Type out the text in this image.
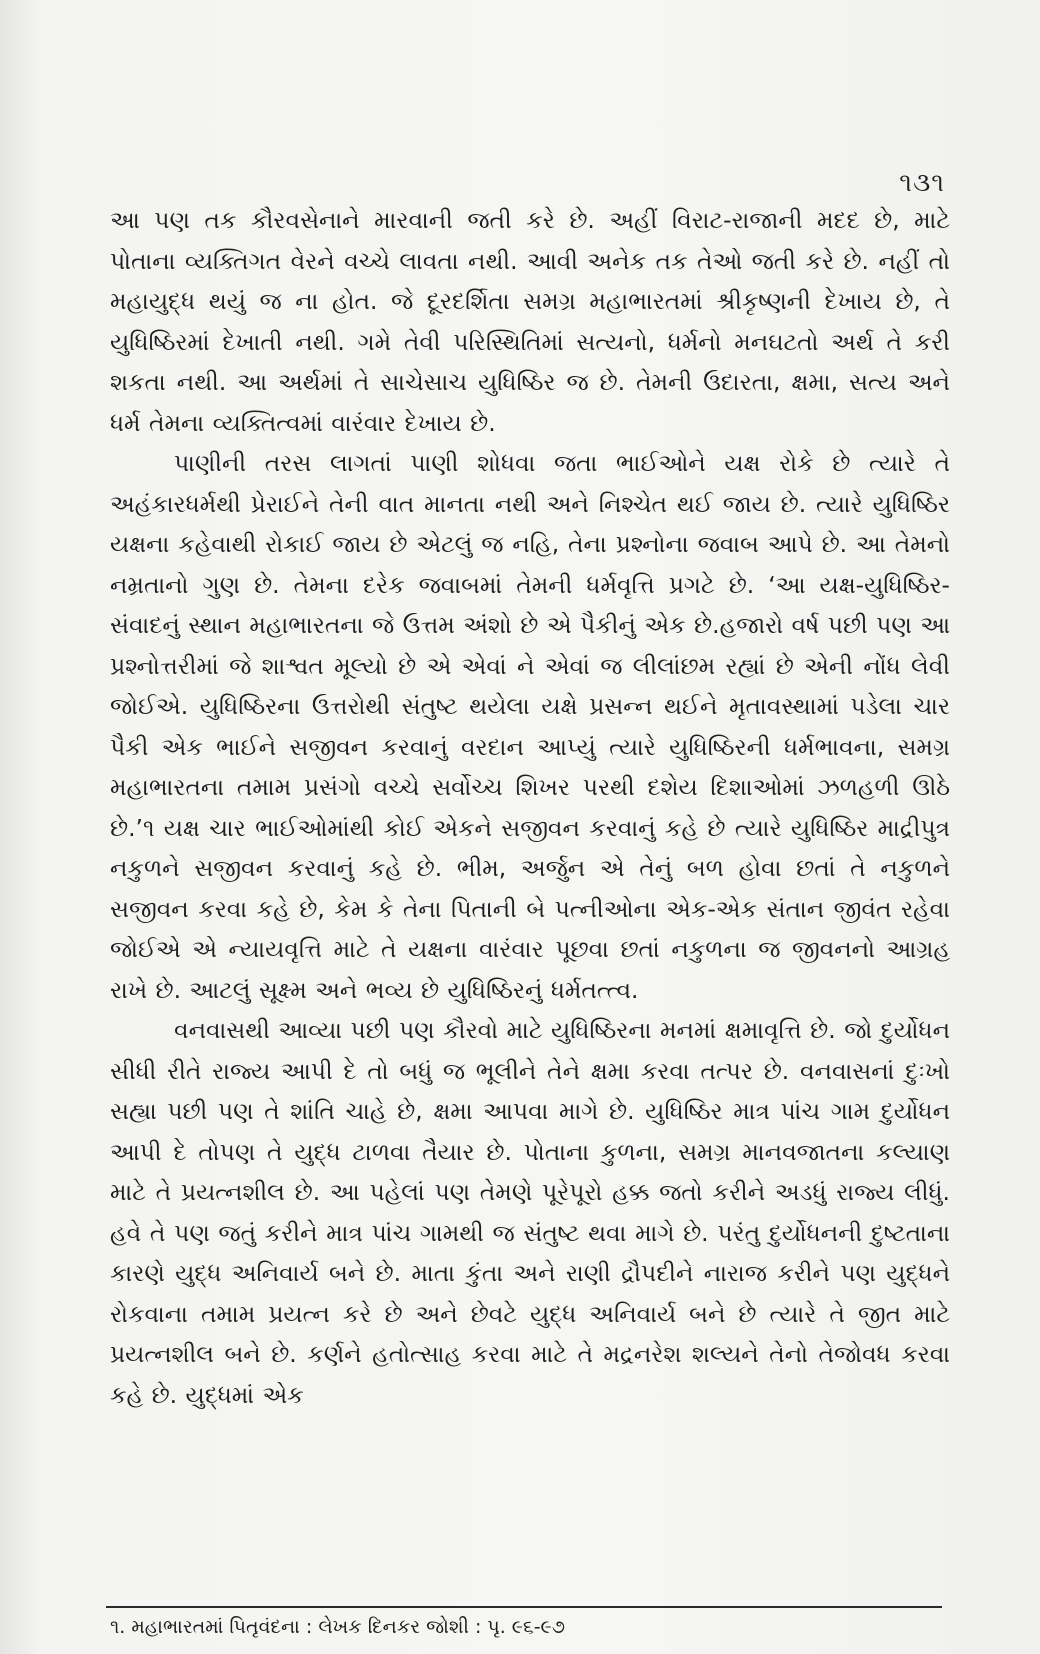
૧૩૧

આ પણ તક કૌરવસેનાને મારવાની જતી કરે છે. અહીં વિરાટ-રાજાની મદદ છે, માટે પોતાના વ્યક્તિગત વેરને વચ્ચે લાવતા નથી. આવી અનેક તક તેઓ જતી કરે છે. નહીં તો મહાયુદ્ધ થયું જ ના હોત. જે દૂરદર્શિતા સમગ્ર મહાભારતમાં શ્રીકૃષ્ણની દેખાય છે, તે યુધિષ્ઠિરમાં દેખાતી નથી. ગમે તેવી પરિસ્થિતિમાં સત્યનો, ધર્મનો મનઘટતો અર્થ તે કરી શકતા નથી. આ અર્થમાં તે સાચેસાચ યુધિષ્ઠિર જ છે. તેમની ઉદારતા, ક્ષમા, સત્ય અને ધર્મ તેમના વ્યક્તિત્વમાં વારંવાર દેખાય છે.

પાણીની તરસ લાગતાં પાણી શોધવા જતા ભાઈઓને યક્ષ રોકે છે ત્યારે તે અહંકારધર્મથી પ્રેરાઈને તેની વાત માનતા નથી અને નિશ્ચેત થઈ જાય છે. ત્યારે યુધિષ્ઠિર યક્ષના કહેવાથી રોકાઈ જાય છે એટલું જ નહિ, તેના પ્રશ્નોના જવાબ આપે છે. આ તેમનો નમ્રતાનો ગુણ છે. તેમના દરેક જવાબમાં તેમની ધર્મવૃત્તિ પ્રગટે છે. ‘આ યક્ષ-યુધિષ્ઠિર-સંવાદનું સ્થાન મહાભારતના જે ઉત્તમ અંશો છે એ પૈકીનું એક છે.હજારો વર્ષ પછી પણ આ પ્રશ્નોત્તરીમાં જે શાશ્વત મૂલ્યો છે એ એવાં ને એવાં જ લીલાંછમ રહ્યાં છે એની નોંધ લેવી જોઈએ. યુધિષ્ઠિરના ઉત્તરોથી સંતુષ્ટ થયેલા યક્ષે પ્રસન્ન થઈને મૃતાવસ્થામાં પડેલા ચાર પૈકી એક ભાઈને સજીવન કરવાનું વરદાન આપ્યું ત્યારે યુધિષ્ઠિરની ધર્મભાવના, સમગ્ર મહાભારતના તમામ પ્રસંગો વચ્ચે સર્વોચ્ચ શિખર પરથી દશેય દિશાઓમાં ઝળહળી ઊઠે છે.’૧ યક્ષ ચાર ભાઈઓમાંથી કોઈ એકને સજીવન કરવાનું કહે છે ત્યારે યુધિષ્ઠિર માદ્રીપુત્ર નકુળને સજીવન કરવાનું કહે છે. ભીમ, અર્જુન એ તેનું બળ હોવા છતાં તે નકુળને સજીવન કરવા કહે છે, કેમ કે તેના પિતાની બે પત્નીઓના એક-એક સંતાન જીવંત રહેવા જોઈએ એ ન્યાયવૃત્તિ માટે તે યક્ષના વારંવાર પૂછવા છતાં નકુળના જ જીવનનો આગ્રહ રાખે છે. આટલું સૂક્ષ્મ અને ભવ્ય છે યુધિષ્ઠિરનું ધર્મતત્ત્વ.

વનવાસથી આવ્યા પછી પણ કૌરવો માટે યુધિષ્ઠિરના મનમાં ક્ષમાવૃત્તિ છે. જો દુર્યોધન સીધી રીતે રાજ્ય આપી દે તો બધું જ ભૂલીને તેને ક્ષમા કરવા તત્પર છે. વનવાસનાં દુઃખો સહ્યા પછી પણ તે શાંતિ ચાહે છે, ક્ષમા આપવા માગે છે. યુધિષ્ઠિર માત્ર પાંચ ગામ દુર્યોધન આપી દે તોપણ તે યુદ્ધ ટાળવા તૈયાર છે. પોતાના કુળના, સમગ્ર માનવજાતના કલ્યાણ માટે તે પ્રયત્નશીલ છે. આ પહેલાં પણ તેમણે પૂરેપૂરો હક્ક જતો કરીને અડધું રાજ્ય લીધું. હવે તે પણ જતું કરીને માત્ર પાંચ ગામથી જ સંતુષ્ટ થવા માગે છે. પરંતુ દુર્યોધનની દુષ્ટતાના કારણે યુદ્ધ અનિવાર્ય બને છે. માતા કુંતા અને રાણી દ્રૌપદીને નારાજ કરીને પણ યુદ્ધને રોકવાના તમામ પ્રયત્ન કરે છે અને છેવટે યુદ્ધ અનિવાર્ય બને છે ત્યારે તે જીત માટે પ્રયત્નશીલ બને છે. કર્ણને હતોત્સાહ કરવા માટે તે મદ્રનરેશ શલ્યને તેનો તેજોવધ કરવા કહે છે. યુદ્ધમાં એક

૧. મહાભારતમાં પિતૃવંદના : લેખક દિનકર જોશી : પૃ. ૯૬-૯૭
